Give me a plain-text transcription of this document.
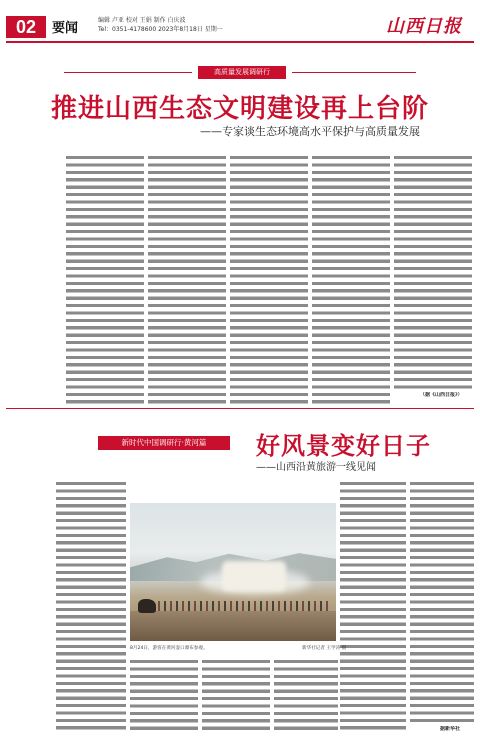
02	要闻
编辑 卢亚 校对 王娟 制作 白庆波
Tel：0351-4178600 2023年8月18日 星期一	山西日报
高质量发展调研行
推进山西生态文明建设再上台阶
——专家谈生态环境高水平保护与高质量发展
（据《山西日报》）
新时代中国调研行·黄河篇	好风景变好日子
——山西沿黄旅游一线见闻
据新华社
8月24日，游客在黄河壶口瀑布参观。	新华社记者 王学涛 摄
